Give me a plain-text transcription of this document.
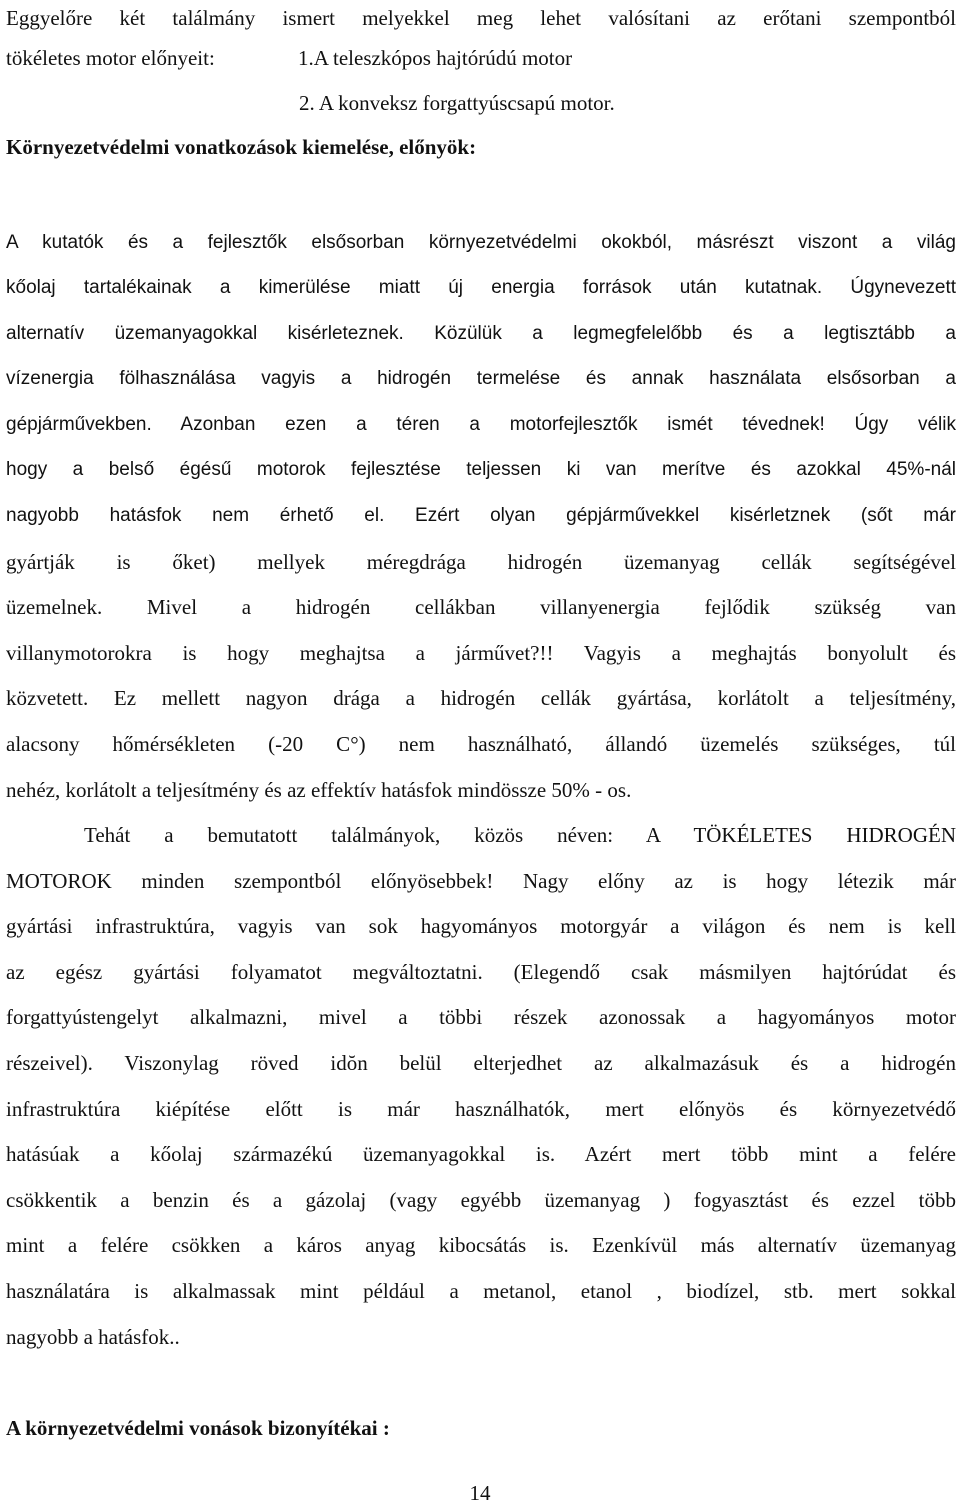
Eggyelőre két találmány ismert melyekkel meg lehet valósítani az erőtani szempontból

tökéletes motor előnyeit:	1.A teleszkópos hajtórúdú motor

2. A konveksz forgattyúscsapú motor.

Környezetvédelmi vonatkozások kiemelése, előnyök:

A kutatók és a fejlesztők elsősorban környezetvédelmi okokból, másrészt viszont a világ

kőolaj tartalékainak a kimerülése miatt új energia források után kutatnak. Úgynevezett

alternatív üzemanyagokkal kisérleteznek. Közülük a legmegfelelőbb és a legtisztább a

vízenergia fölhasználása vagyis a hidrogén termelése és annak használata elsősorban a

gépjárművekben. Azonban ezen a téren a motorfejlesztők ismét tévednek! Úgy vélik

hogy a belső égésű motorok fejlesztése teljessen ki van merítve és azokkal 45%-nál

nagyobb hatásfok nem érhető el. Ezért olyan gépjárművekkel kisérletznek (sőt már

gyártják is őket) mellyek méregdrága hidrogén üzemanyag cellák segítségével

üzemelnek. Mivel a hidrogén cellákban villanyenergia fejlődik szükség van

villanymotorokra is hogy meghajtsa a járművet?!! Vagyis a meghajtás bonyolult és

közvetett. Ez mellett nagyon drága a hidrogén cellák gyártása, korlátolt a teljesítmény,

alacsony hőmérsékleten (-20 C°) nem használható, állandó üzemelés szükséges, túl

nehéz, korlátolt a teljesítmény és az effektív hatásfok mindössze 50% - os.

Tehát a bemutatott találmányok, közös néven: A TÖKÉLETES HIDROGÉN

MOTOROK minden szempontból előnyösebbek! Nagy előny az is hogy létezik már

gyártási infrastruktúra, vagyis van sok hagyományos motorgyár a világon és nem is kell

az egész gyártási folyamatot megváltoztatni. (Elegendő csak másmilyen hajtórúdat és

forgattyústengelyt alkalmazni, mivel a többi részek azonossak a hagyományos motor

részeivel). Viszonylag röved idŏn belül elterjedhet az alkalmazásuk és a hidrogén

infrastruktúra kiépítése előtt is már használhatók, mert előnyös és környezetvédő

hatásúak a kőolaj származékú üzemanyagokkal is. Azért mert több mint a felére

csökkentik a benzin és a gázolaj (vagy egyébb üzemanyag ) fogyasztást és ezzel több

mint a felére csökken a káros anyag kibocsátás is. Ezenkívül más alternatív üzemanyag

használatára is alkalmassak mint például a metanol, etanol , biodízel, stb. mert sokkal

nagyobb a hatásfok..

A környezetvédelmi vonások bizonyítékai :

14
